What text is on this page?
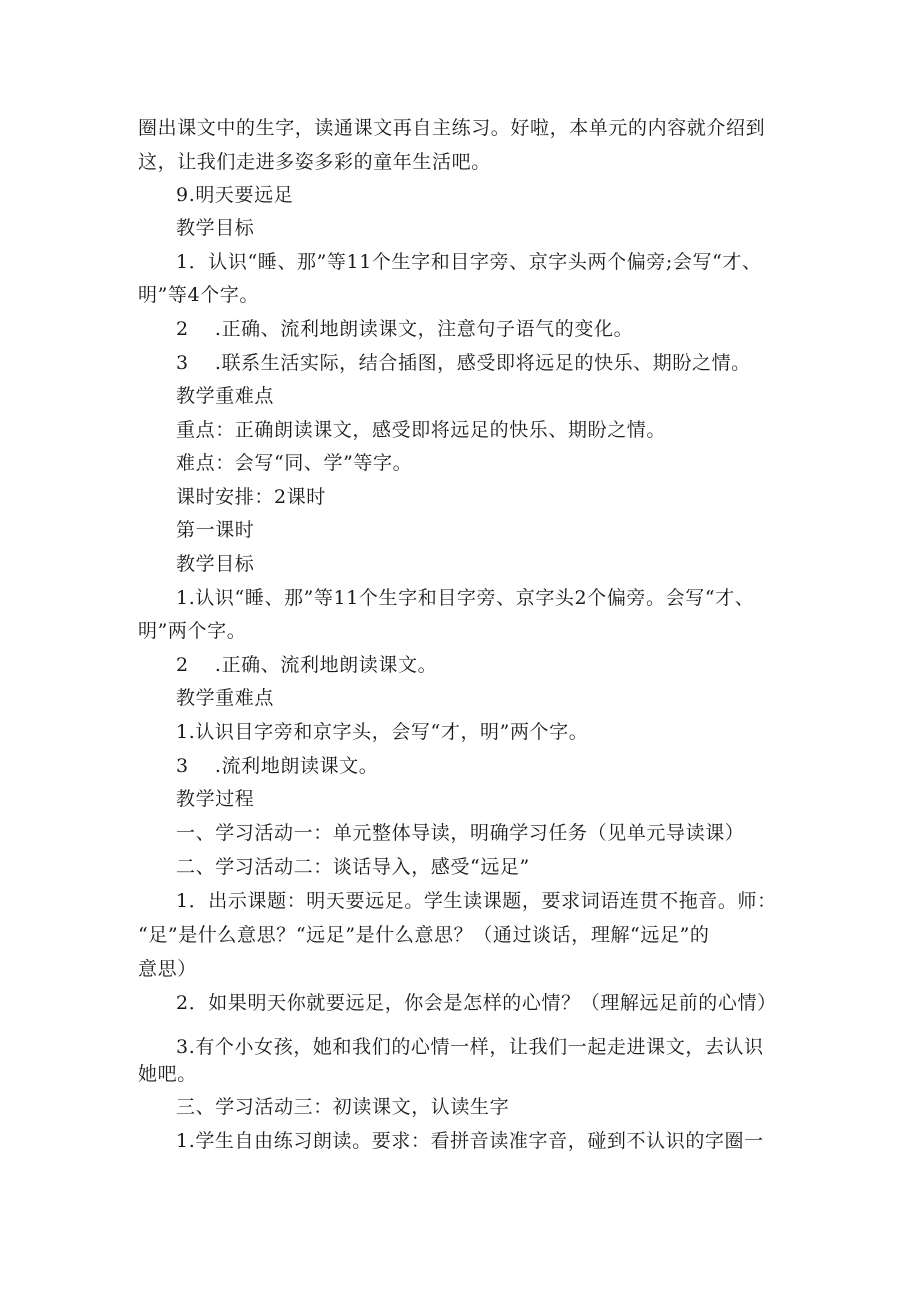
圈出课文中的生字，读通课文再自主练习。好啦，本单元的内容就介绍到
这，让我们走进多姿多彩的童年生活吧。
9.明天要远足
教学目标
1．认识“睡、那”等11个生字和目字旁、京字头两个偏旁;会写“才、
明”等4个字。
2　 .正确、流利地朗读课文，注意句子语气的变化。
3　 .联系生活实际，结合插图，感受即将远足的快乐、期盼之情。
教学重难点
重点：正确朗读课文，感受即将远足的快乐、期盼之情。
难点：会写“同、学”等字。
课时安排：2课时
第一课时
教学目标
1.认识“睡、那”等11个生字和目字旁、京字头2个偏旁。会写“才、
明”两个字。
2　 .正确、流利地朗读课文。
教学重难点
1.认识目字旁和京字头，会写“才，明”两个字。
3　 .流利地朗读课文。
教学过程
一、学习活动一：单元整体导读，明确学习任务（见单元导读课）
二、学习活动二：谈话导入，感受“远足”
1．出示课题：明天要远足。学生读课题，要求词语连贯不拖音。师：
“足”是什么意思？“远足”是什么意思？（通过谈话，理解“远足”的
意思）
2．如果明天你就要远足，你会是怎样的心情？（理解远足前的心情）
3.有个小女孩，她和我们的心情一样，让我们一起走进课文，去认识
她吧。
三、学习活动三：初读课文，认读生字
1.学生自由练习朗读。要求：看拼音读准字音，碰到不认识的字圈一
